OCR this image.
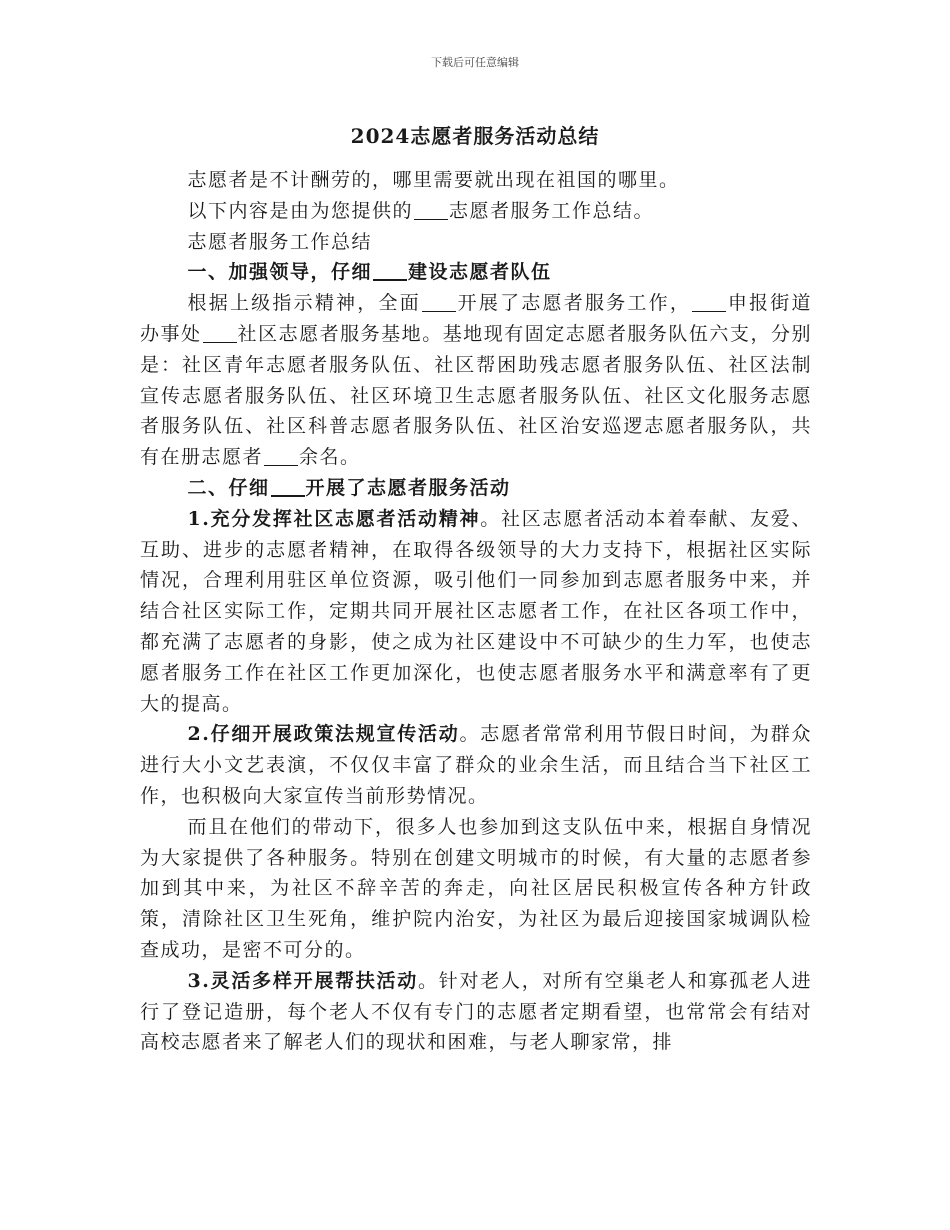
下载后可任意编辑
2024志愿者服务活动总结

志愿者是不计酬劳的，哪里需要就出现在祖国的哪里。

以下内容是由为您提供的 志愿者服务工作总结。

志愿者服务工作总结

一、加强领导，仔细 建设志愿者队伍

根据上级指示精神，全面 开展了志愿者服务工作， 申报街道办事处 社区志愿者服务基地。基地现有固定志愿者服务队伍六支，分别是：社区青年志愿者服务队伍、社区帮困助残志愿者服务队伍、社区法制宣传志愿者服务队伍、社区环境卫生志愿者服务队伍、社区文化服务志愿者服务队伍、社区科普志愿者服务队伍、社区治安巡逻志愿者服务队，共有在册志愿者 余名。

二、仔细 开展了志愿者服务活动

1.充分发挥社区志愿者活动精神。社区志愿者活动本着奉献、友爱、互助、进步的志愿者精神，在取得各级领导的大力支持下，根据社区实际情况，合理利用驻区单位资源，吸引他们一同参加到志愿者服务中来，并结合社区实际工作，定期共同开展社区志愿者工作，在社区各项工作中，都充满了志愿者的身影，使之成为社区建设中不可缺少的生力军，也使志愿者服务工作在社区工作更加深化，也使志愿者服务水平和满意率有了更大的提高。

2.仔细开展政策法规宣传活动。志愿者常常利用节假日时间，为群众进行大小文艺表演，不仅仅丰富了群众的业余生活，而且结合当下社区工作，也积极向大家宣传当前形势情况。

而且在他们的带动下，很多人也参加到这支队伍中来，根据自身情况为大家提供了各种服务。特别在创建文明城市的时候，有大量的志愿者参加到其中来，为社区不辞辛苦的奔走，向社区居民积极宣传各种方针政策，清除社区卫生死角，维护院内治安，为社区为最后迎接国家城调队检查成功，是密不可分的。

3.灵活多样开展帮扶活动。针对老人，对所有空巢老人和寡孤老人进行了登记造册，每个老人不仅有专门的志愿者定期看望，也常常会有结对高校志愿者来了解老人们的现状和困难，与老人聊家常，排
